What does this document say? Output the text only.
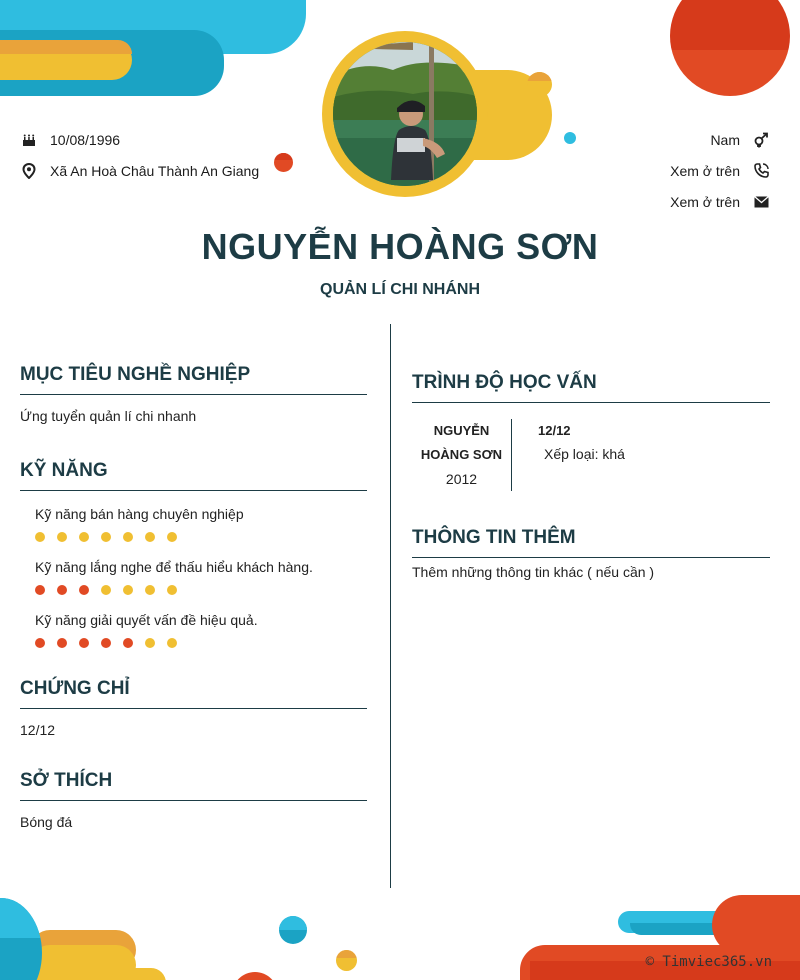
10/08/1996
Xã An Hoà Châu Thành An Giang
Nam
Xem ở trên
Xem ở trên
NGUYỄN HOÀNG SƠN
QUẢN LÍ CHI NHÁNH
MỤC TIÊU NGHỀ NGHIỆP
Ứng tuyển quản lí chi nhanh
KỸ NĂNG
Kỹ năng bán hàng chuyên nghiệp
Kỹ năng lắng nghe để thấu hiểu khách hàng.
Kỹ năng giải quyết vấn đề hiệu quả.
CHỨNG CHỈ
12/12
SỞ THÍCH
Bóng đá
TRÌNH ĐỘ HỌC VẤN
NGUYỄN
HOÀNG SƠN
2012
12/12
Xếp loại: khá
THÔNG TIN THÊM
Thêm những thông tin khác ( nếu cần )
© Timviec365.vn
